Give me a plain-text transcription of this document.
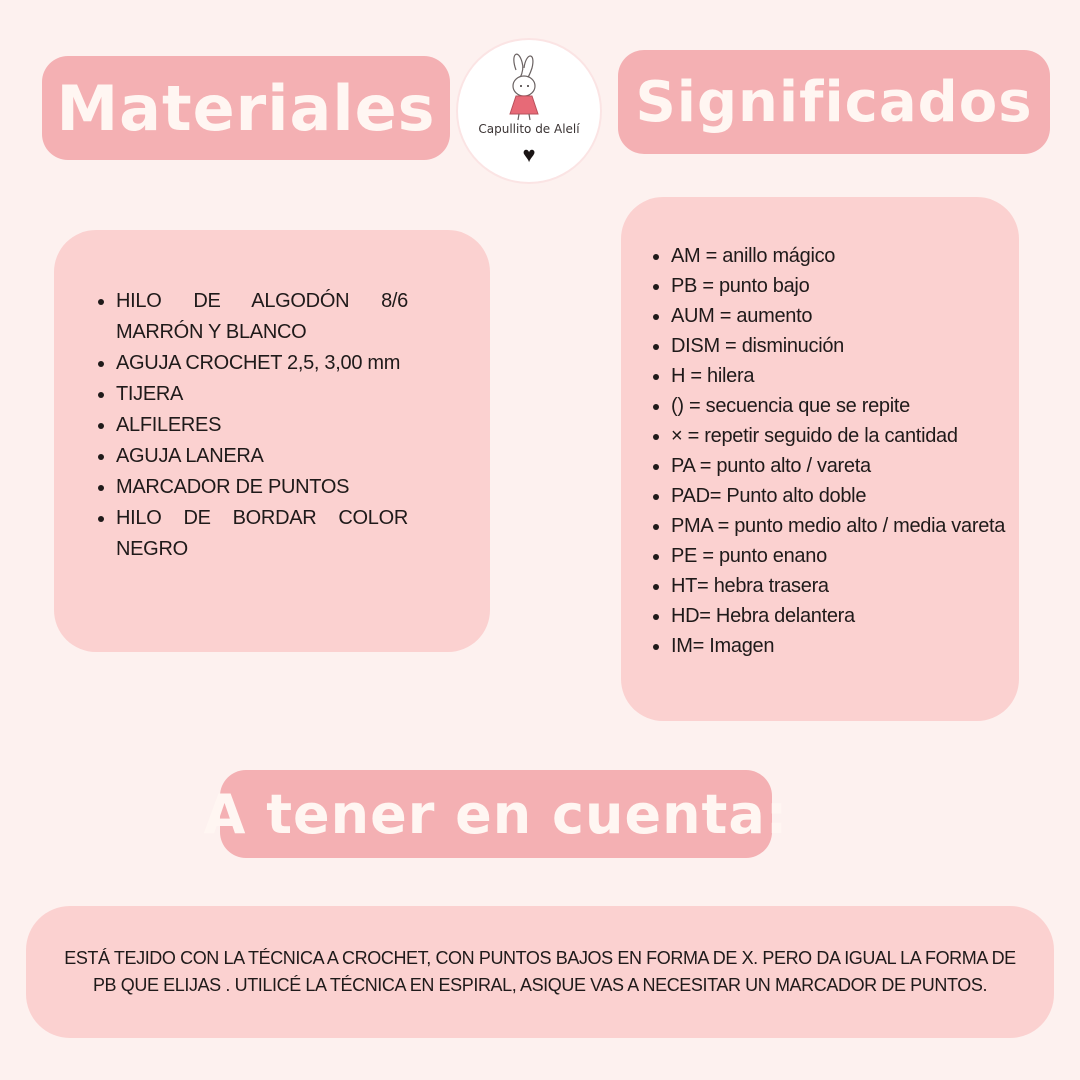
Materiales	Capullito de Alelí
♥
Significados
HILO DE ALGODÓN 8/6 MARRÓN Y BLANCO
AGUJA CROCHET 2,5, 3,00 mm
TIJERA
ALFILERES
AGUJA LANERA
MARCADOR DE PUNTOS
HILO DE BORDAR COLOR NEGRO
AM = anillo mágico
PB = punto bajo
AUM = aumento
DISM = disminución
H = hilera
() = secuencia que se repite
× = repetir seguido de la cantidad
PA = punto alto / vareta
PAD= Punto alto doble
PMA = punto medio alto / media vareta
PE = punto enano
HT= hebra trasera
HD= Hebra delantera
IM= Imagen
A tener en cuenta:

ESTÁ TEJIDO CON LA TÉCNICA A CROCHET, CON PUNTOS BAJOS EN FORMA DE X. PERO DA IGUAL LA FORMA DE PB QUE ELIJAS . UTILICÉ LA TÉCNICA EN ESPIRAL, ASIQUE VAS A NECESITAR UN MARCADOR DE PUNTOS.
